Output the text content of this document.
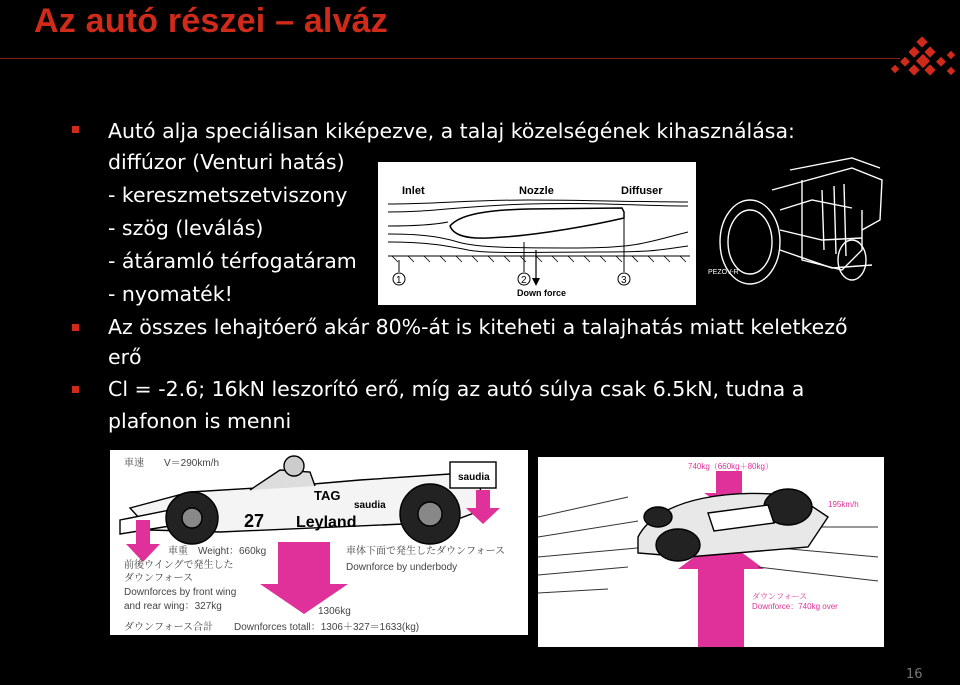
Az autó részei – alváz
Autó alja speciálisan kiképezve, a talaj közelségének kihasználása:
diffúzor (Venturi hatás)
- kereszmetszetviszony
- szög (leválás)
- átáramló térfogatáram
- nyomaték!
Az összes lehajtóerő akár 80%-át is kiteheti a talajhatás miatt keletkező
erő
Cl = -2.6; 16kN leszorító erő, míg az autó súlya csak 6.5kN, tudna a
plafonon is menni
Inlet	Nozzle	Diffuser
1	2	3
Down force
PEZOV-R
車速 V＝290km/h
27 Leyland
saudia
saudia
TAG
車重 Weight：660kg
前後ウイングで発生した
ダウンフォース
Downforces by front wing
and rear wing：327kg
車体下面で発生したダウンフォース
Downforce by underbody
1306kg
ダウンフォース合計 Downforces totall：1306＋327＝1633(kg)
740kg（660kg＋80kg）
195km/h
ダウンフォース
Downforce：740kg over
16
